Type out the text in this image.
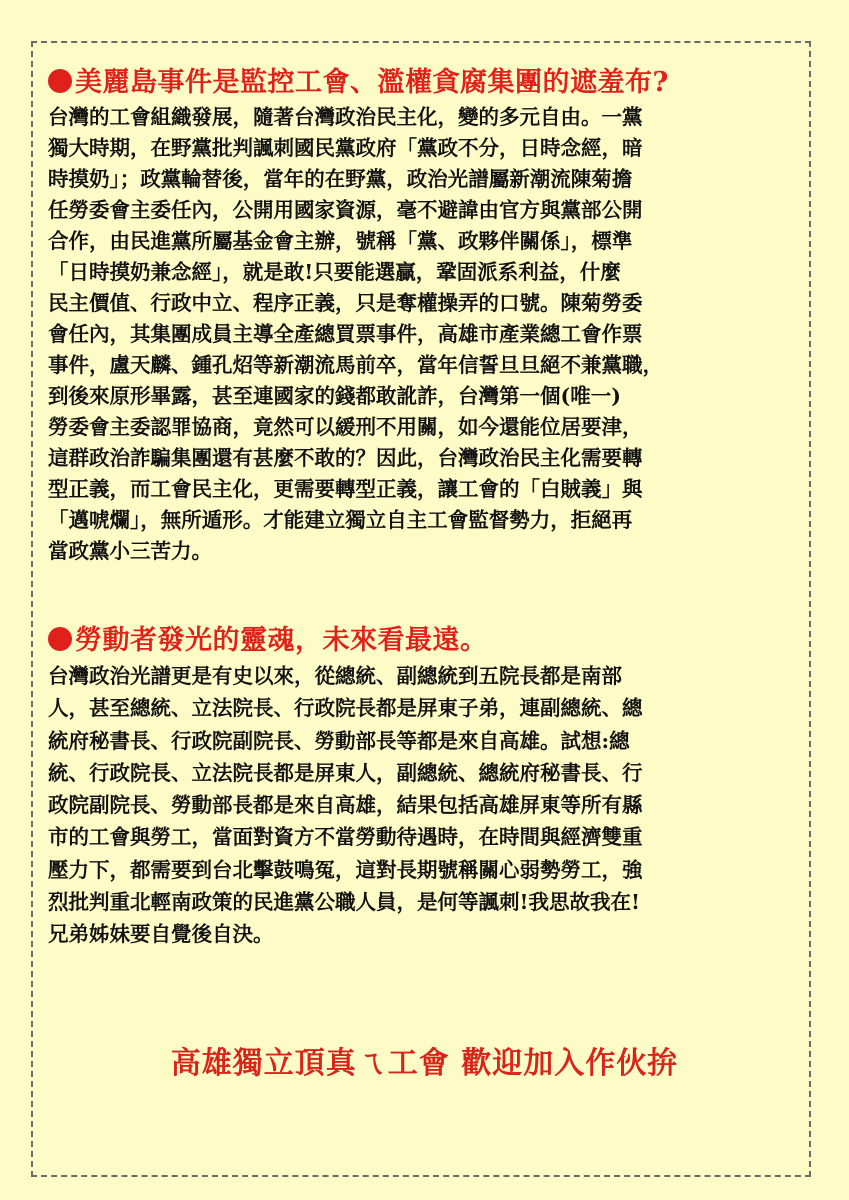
美麗島事件是監控工會、濫權貪腐集團的遮羞布?

台灣的工會組織發展，隨著台灣政治民主化，變的多元自由。一黨
獨大時期，在野黨批判諷刺國民黨政府「黨政不分，日時念經，暗
時摸奶」；政黨輪替後，當年的在野黨，政治光譜屬新潮流陳菊擔
任勞委會主委任內，公開用國家資源，毫不避諱由官方與黨部公開
合作，由民進黨所屬基金會主辦，號稱「黨、政夥伴關係」，標準
「日時摸奶兼念經」，就是敢!只要能選贏，鞏固派系利益，什麼
民主價值、行政中立、程序正義，只是奪權操弄的口號。陳菊勞委
會任內，其集團成員主導全產總買票事件，高雄市產業總工會作票
事件，盧天麟、鍾孔炤等新潮流馬前卒，當年信誓旦旦絕不兼黨職，
到後來原形畢露，甚至連國家的錢都敢訛詐，台灣第一個(唯一)
勞委會主委認罪協商，竟然可以緩刑不用關，如今還能位居要津，
這群政治詐騙集團還有甚麼不敢的？因此，台灣政治民主化需要轉
型正義，而工會民主化，更需要轉型正義，讓工會的「白賊義」與
「邁唬爛」，無所遁形。才能建立獨立自主工會監督勢力，拒絕再
當政黨小三苦力。

勞動者發光的靈魂，未來看最遠。

台灣政治光譜更是有史以來，從總統、副總統到五院長都是南部
人，甚至總統、立法院長、行政院長都是屏東子弟，連副總統、總
統府秘書長、行政院副院長、勞動部長等都是來自高雄。試想:總
統、行政院長、立法院長都是屏東人，副總統、總統府秘書長、行
政院副院長、勞動部長都是來自高雄，結果包括高雄屏東等所有縣
市的工會與勞工，當面對資方不當勞動待遇時，在時間與經濟雙重
壓力下，都需要到台北擊鼓鳴冤，這對長期號稱關心弱勢勞工，強
烈批判重北輕南政策的民進黨公職人員，是何等諷刺!我思故我在!
兄弟姊妹要自覺後自決。

高雄獨立頂真ㄟ工會 歡迎加入作伙拚
